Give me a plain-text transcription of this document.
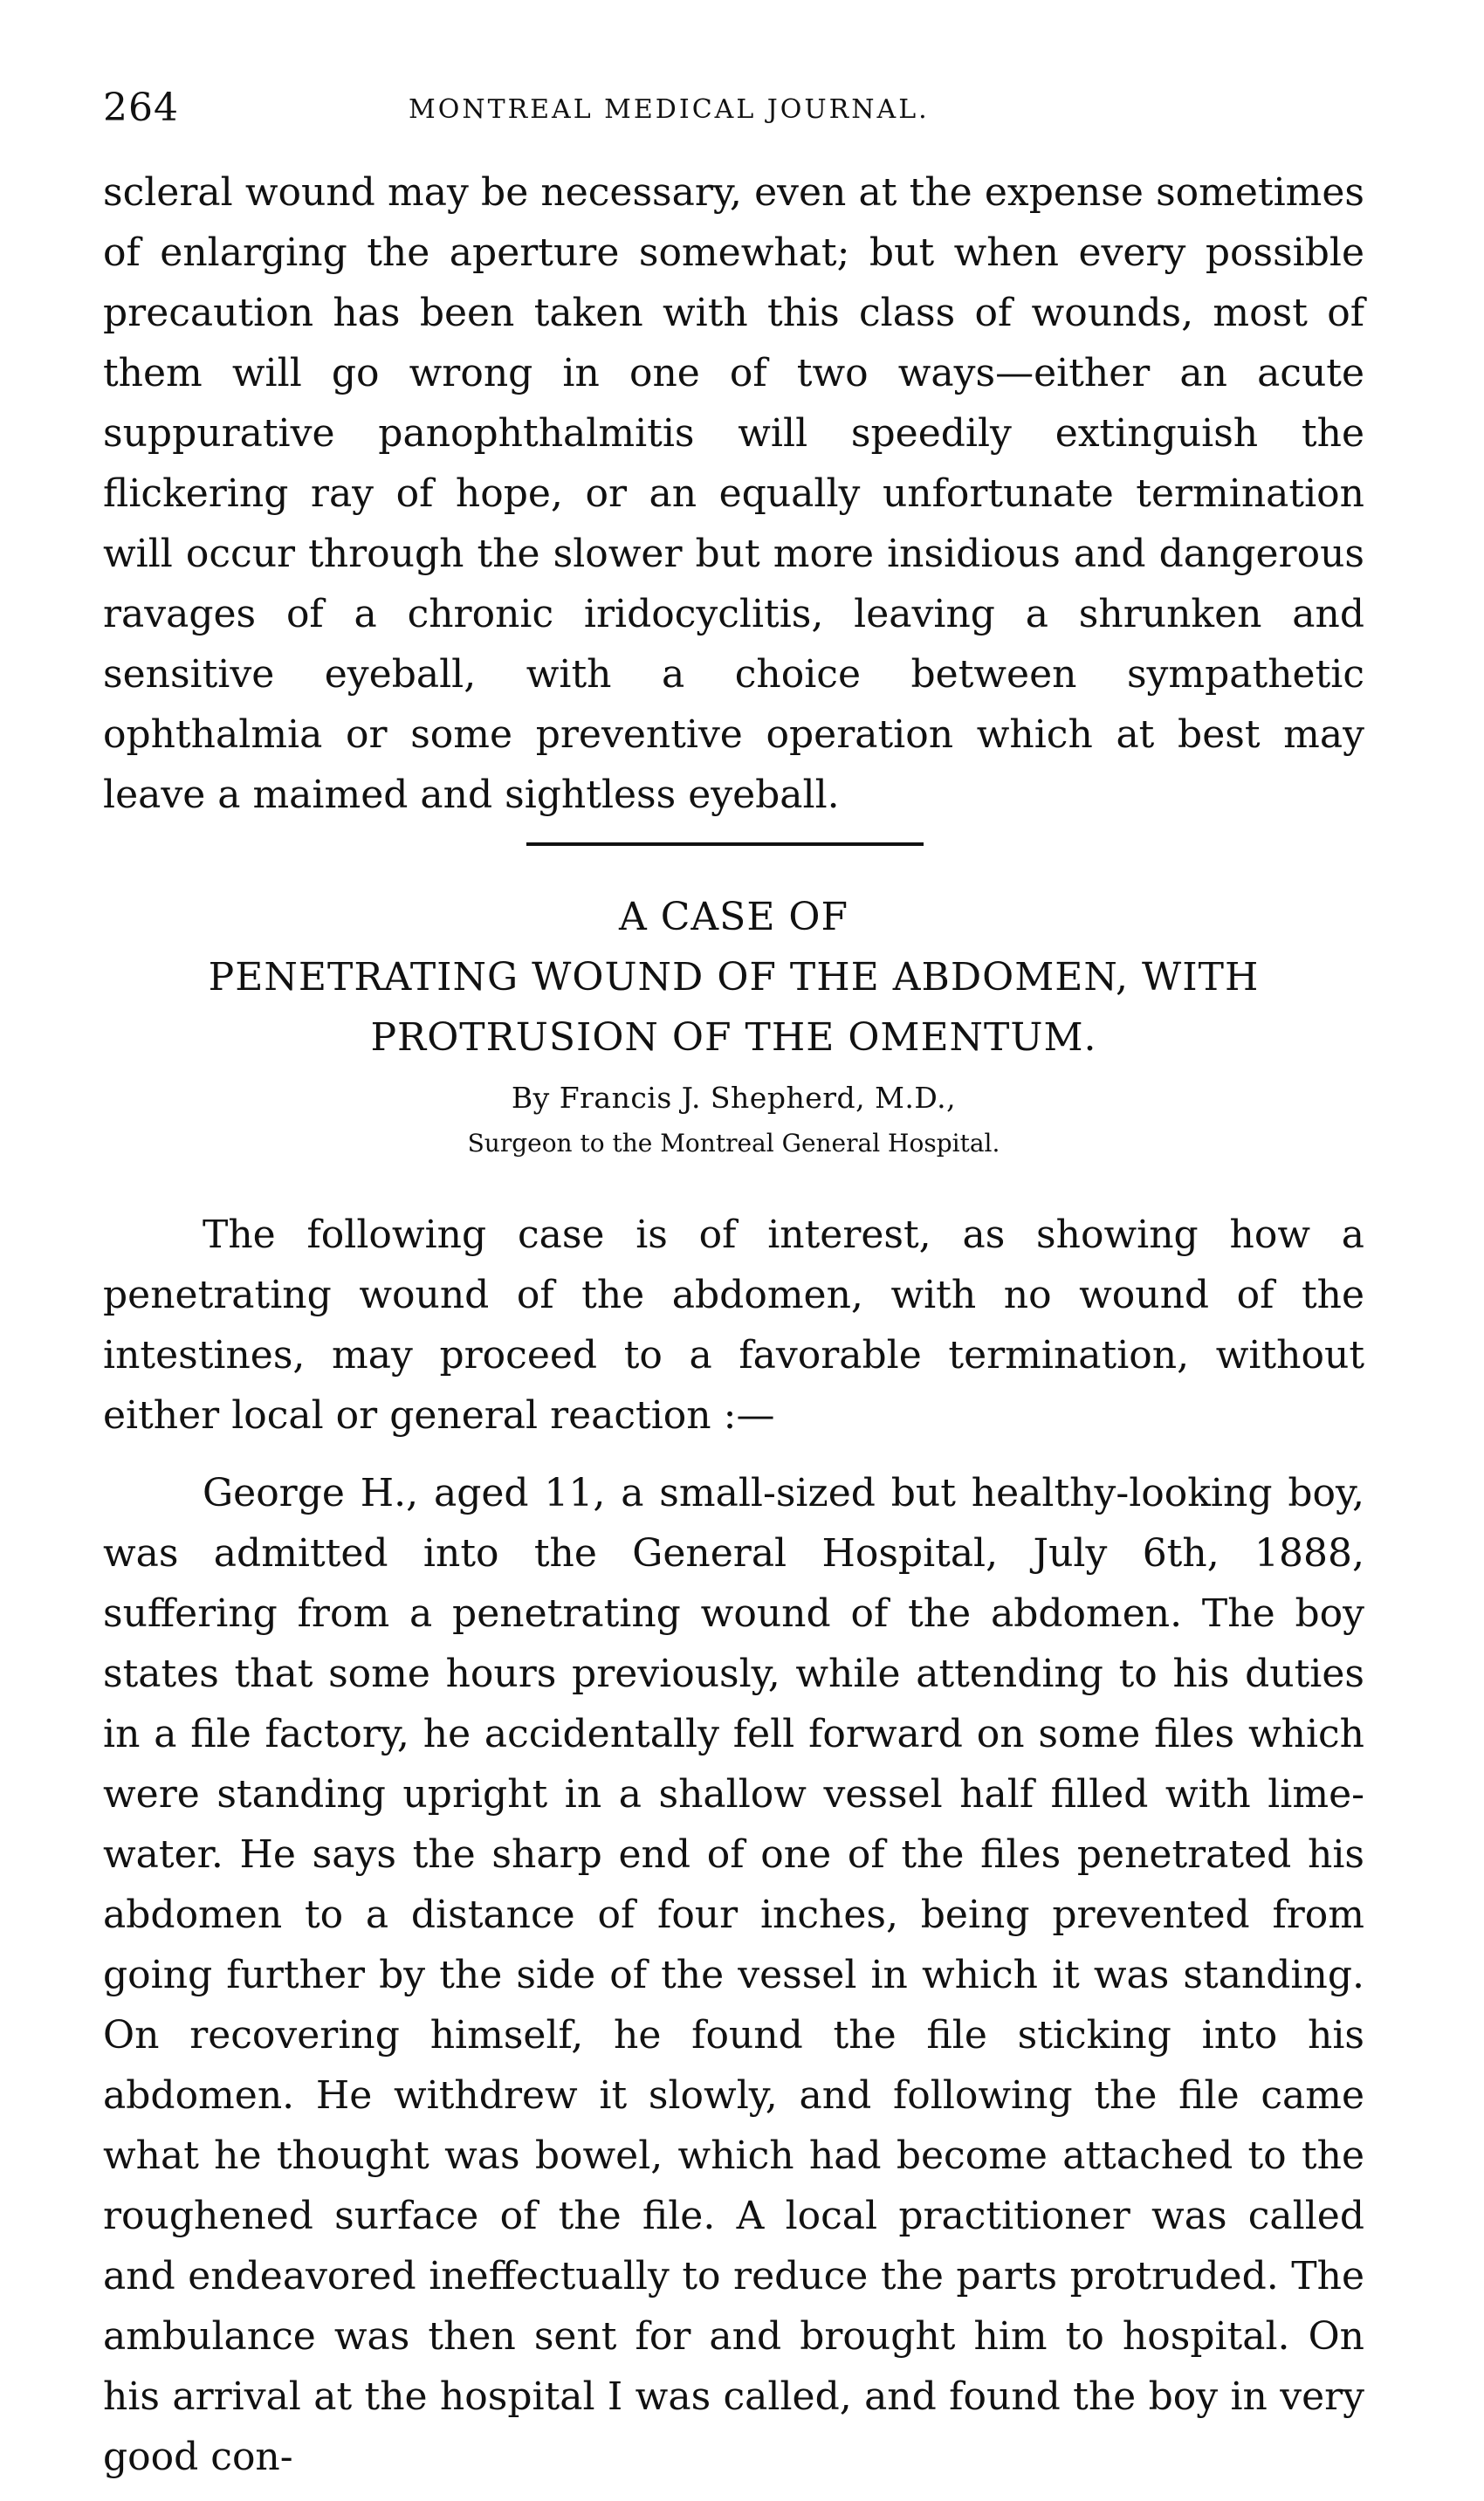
264	MONTREAL MEDICAL JOURNAL.

scleral wound may be necessary, even at the expense sometimes of enlarging the aperture somewhat; but when every possible precaution has been taken with this class of wounds, most of them will go wrong in one of two ways—either an acute suppurative panophthalmitis will speedily extinguish the flickering ray of hope, or an equally unfortunate termination will occur through the slower but more insidious and dangerous ravages of a chronic iridocyclitis, leaving a shrunken and sensitive eyeball, with a choice between sympathetic ophthalmia or some preventive operation which at best may leave a maimed and sightless eyeball.

A CASE OF
PENETRATING WOUND OF THE ABDOMEN, WITH
PROTRUSION OF THE OMENTUM.
By Francis J. Shepherd, M.D.,
Surgeon to the Montreal General Hospital.

The following case is of interest, as showing how a penetrating wound of the abdomen, with no wound of the intestines, may proceed to a favorable termination, without either local or general reaction :—

George H., aged 11, a small-sized but healthy-looking boy, was admitted into the General Hospital, July 6th, 1888, suffering from a penetrating wound of the abdomen. The boy states that some hours previously, while attending to his duties in a file factory, he accidentally fell forward on some files which were standing upright in a shallow vessel half filled with lime-water. He says the sharp end of one of the files penetrated his abdomen to a distance of four inches, being prevented from going further by the side of the vessel in which it was standing. On recovering himself, he found the file sticking into his abdomen. He withdrew it slowly, and following the file came what he thought was bowel, which had become attached to the roughened surface of the file. A local practitioner was called and endeavored ineffectually to reduce the parts protruded. The ambulance was then sent for and brought him to hospital. On his arrival at the hospital I was called, and found the boy in very good con-
